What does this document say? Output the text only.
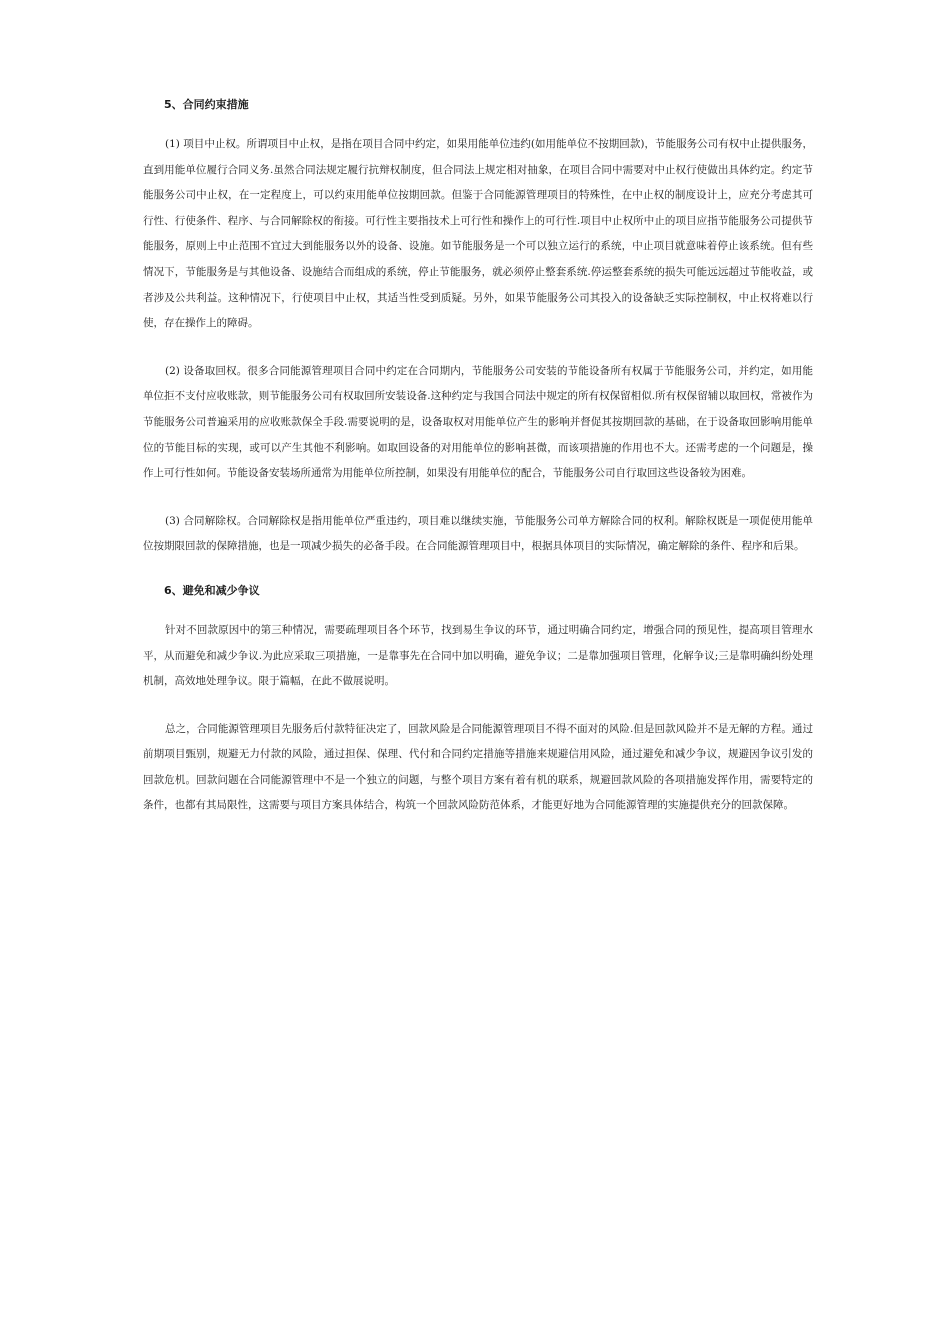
5、合同约束措施

(1) 项目中止权。所谓项目中止权，是指在项目合同中约定，如果用能单位违约(如用能单位不按期回款)，节能服务公司有权中止提供服务，直到用能单位履行合同义务.虽然合同法规定履行抗辩权制度，但合同法上规定相对抽象，在项目合同中需要对中止权行使做出具体约定。约定节能服务公司中止权，在一定程度上，可以约束用能单位按期回款。但鉴于合同能源管理项目的特殊性，在中止权的制度设计上，应充分考虑其可行性、行使条件、程序、与合同解除权的衔接。可行性主要指技术上可行性和操作上的可行性.项目中止权所中止的项目应指节能服务公司提供节能服务，原则上中止范围不宜过大到能服务以外的设备、设施。如节能服务是一个可以独立运行的系统，中止项目就意味着停止该系统。但有些情况下，节能服务是与其他设备、设施结合而组成的系统，停止节能服务，就必须停止整套系统.停运整套系统的损失可能远远超过节能收益，或者涉及公共利益。这种情况下，行使项目中止权，其适当性受到质疑。另外，如果节能服务公司其投入的设备缺乏实际控制权，中止权将难以行使，存在操作上的障碍。

(2) 设备取回权。很多合同能源管理项目合同中约定在合同期内，节能服务公司安装的节能设备所有权属于节能服务公司，并约定，如用能单位拒不支付应收账款，则节能服务公司有权取回所安装设备.这种约定与我国合同法中规定的所有权保留相似.所有权保留辅以取回权，常被作为节能服务公司普遍采用的应收账款保全手段.需要说明的是，设备取权对用能单位产生的影响并督促其按期回款的基础，在于设备取回影响用能单位的节能目标的实现，或可以产生其他不利影响。如取回设备的对用能单位的影响甚微，而该项措施的作用也不大。还需考虑的一个问题是，操作上可行性如何。节能设备安装场所通常为用能单位所控制，如果没有用能单位的配合，节能服务公司自行取回这些设备较为困难。

(3) 合同解除权。合同解除权是指用能单位严重违约，项目难以继续实施，节能服务公司单方解除合同的权利。解除权既是一项促使用能单位按期限回款的保障措施，也是一项减少损失的必备手段。在合同能源管理项目中，根据具体项目的实际情况，确定解除的条件、程序和后果。

6、避免和减少争议

针对不回款原因中的第三种情况，需要疏理项目各个环节，找到易生争议的环节，通过明确合同约定，增强合同的预见性，提高项目管理水平，从而避免和减少争议.为此应采取三项措施，一是靠事先在合同中加以明确，避免争议；二是靠加强项目管理，化解争议;三是靠明确纠纷处理机制，高效地处理争议。限于篇幅，在此不做展说明。

总之，合同能源管理项目先服务后付款特征决定了，回款风险是合同能源管理项目不得不面对的风险.但是回款风险并不是无解的方程。通过前期项目甄别，规避无力付款的风险，通过担保、保理、代付和合同约定措施等措施来规避信用风险，通过避免和减少争议，规避因争议引发的回款危机。回款问题在合同能源管理中不是一个独立的问题，与整个项目方案有着有机的联系，规避回款风险的各项措施发挥作用，需要特定的条件，也都有其局限性，这需要与项目方案具体结合，构筑一个回款风险防范体系，才能更好地为合同能源管理的实施提供充分的回款保障。
